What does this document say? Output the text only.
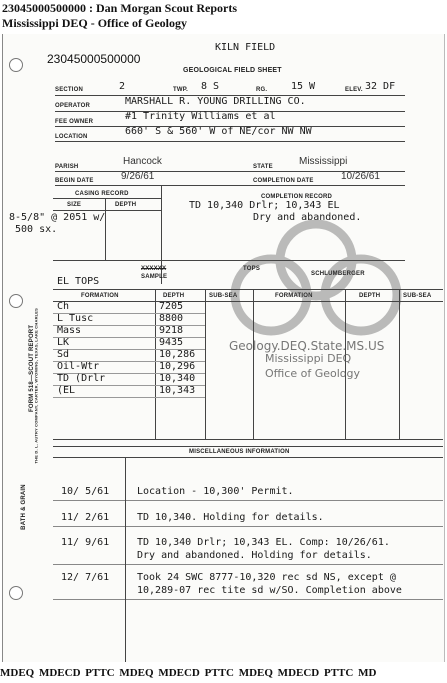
23045000500000 : Dan Morgan Scout Reports
Mississippi DEQ - Office of Geology
23045000500000
KILN FIELD
GEOLOGICAL FIELD SHEET
SECTION	2	TWP. 8 S	RG. 15 W	ELEV. 32 DF
OPERATOR	MARSHALL R. YOUNG DRILLING CO.
FEE OWNER	#1 Trinity Williams et al
LOCATION	660' S & 560' W of NE/cor NW NW
PARISH	Hancock	STATE	Mississippi
BEGIN DATE	9/26/61	COMPLETION DATE	10/26/61
CASING RECORD
SIZE	DEPTH
8-5/8" @ 2051 w/
500 sx.
COMPLETION RECORD
TD 10,340 Drlr; 10,343 EL
Dry and abandoned.
XXXXXX
SAMPLE
TOPS
SCHLUMBERGER
EL TOPS
FORMATION	DEPTH	SUB-SEA	FORMATION	DEPTH	SUB-SEA
Ch	7205
L Tusc	8800
Mass	9218
LK	9435
Sd	10,286
Oil-Wtr	10,296
TD (Drlr	10,340
(EL	10,343
Geology.DEQ.State.MS.US
Mississippi DEQ
Office of Geology
FORM 518—SCOUT REPORT
THE D. L. AUTRY COMPANY, CARTER, WYOMING, TEXAS, LAKE CHARLES
BATH & GRAIN
MISCELLANEOUS INFORMATION
10/ 5/61	Location - 10,300' Permit.
11/ 2/61	TD 10,340. Holding for details.
11/ 9/61	TD 10,340 Drlr; 10,343 EL. Comp: 10/26/61.
Dry and abandoned. Holding for details.
12/ 7/61	Took 24 SWC 8777-10,320 rec sd NS, except @
10,289-07 rec tite sd w/SO. Completion above
MDEQ MDECD PTTC MDEQ MDECD PTTC MDEQ MDECD PTTC MD
